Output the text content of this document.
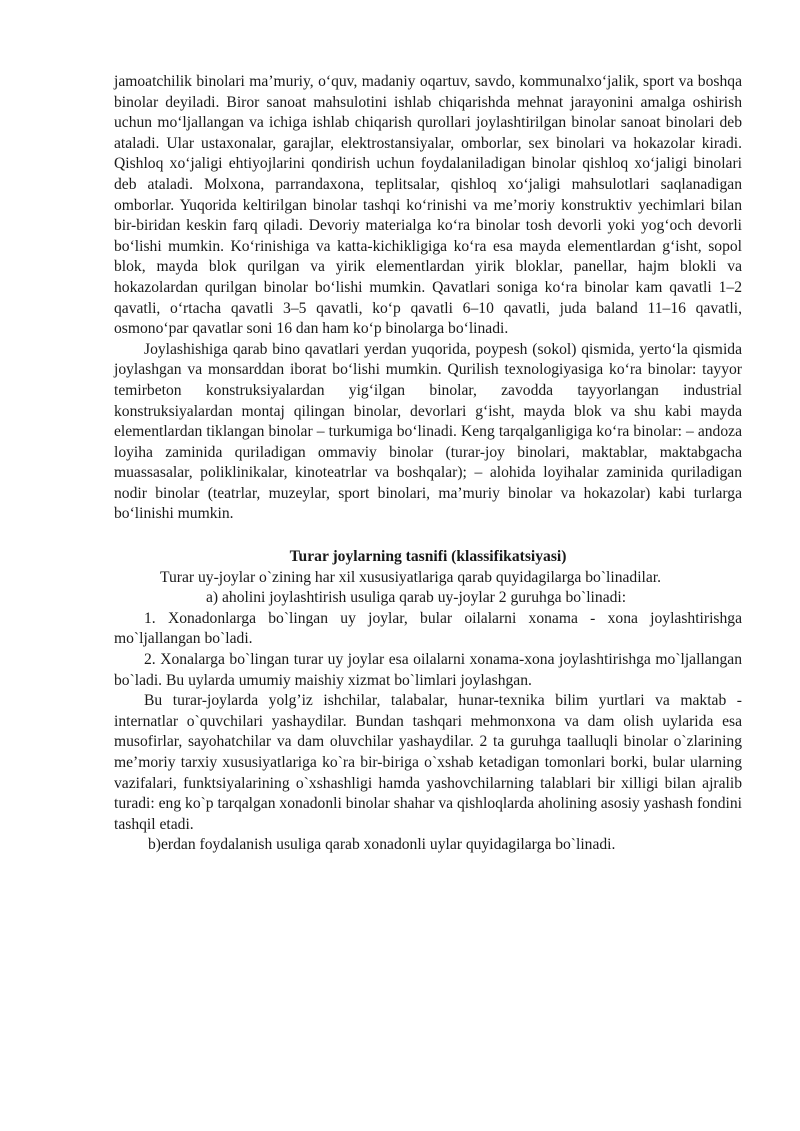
jamoatchilik binolari ma’muriy, o‘quv, madaniy oqartuv, savdo, kommunalxo‘jalik, sport va boshqa binolar deyiladi. Biror sanoat mahsulotini ishlab chiqarishda mehnat jarayonini amalga oshirish uchun mo‘ljallangan va ichiga ishlab chiqarish qurollari joylashtirilgan binolar sanoat binolari deb ataladi. Ular ustaxonalar, garajlar, elektrostansiyalar, omborlar, sex binolari va hokazolar kiradi. Qishloq xo‘jaligi ehtiyojlarini qondirish uchun foydalaniladigan binolar qishloq xo‘jaligi binolari deb ataladi. Molxona, parrandaxona, teplitsalar, qishloq xo‘jaligi mahsulotlari saqlanadigan omborlar. Yuqorida keltirilgan binolar tashqi ko‘rinishi va me’moriy konstruktiv yechimlari bilan bir-biridan keskin farq qiladi. Devoriy materialga ko‘ra binolar tosh devorli yoki yog‘och devorli bo‘lishi mumkin. Ko‘rinishiga va katta-kichikligiga ko‘ra esa mayda elementlardan g‘isht, sopol blok, mayda blok qurilgan va yirik elementlardan yirik bloklar, panellar, hajm blokli va hokazolardan qurilgan binolar bo‘lishi mumkin. Qavatlari soniga ko‘ra binolar kam qavatli 1–2 qavatli, o‘rtacha qavatli 3–5 qavatli, ko‘p qavatli 6–10 qavatli, juda baland 11–16 qavatli, osmono‘par qavatlar soni 16 dan ham ko‘p binolarga bo‘linadi.

Joylashishiga qarab bino qavatlari yerdan yuqorida, poypesh (sokol) qismida, yerto‘la qismida joylashgan va monsarddan iborat bo‘lishi mumkin. Qurilish texnologiyasiga ko‘ra binolar: tayyor temirbeton konstruksiyalardan yig‘ilgan binolar, zavodda tayyorlangan industrial konstruksiyalardan montaj qilingan binolar, devorlari g‘isht, mayda blok va shu kabi mayda elementlardan tiklangan binolar – turkumiga bo‘linadi. Keng tarqalganligiga ko‘ra binolar: – andoza loyiha zaminida quriladigan ommaviy binolar (turar-joy binolari, maktablar, maktabgacha muassasalar, poliklinikalar, kinoteatrlar va boshqalar); – alohida loyihalar zaminida quriladigan nodir binolar (teatrlar, muzeylar, sport binolari, ma’muriy binolar va hokazolar) kabi turlarga bo‘linishi mumkin.

Turar joylarning tasnifi (klassifikatsiyasi)

Turar uy-joylar o`zining har xil xususiyatlariga qarab quyidagilarga bo`linadilar.

a) aholini joylashtirish usuliga qarab uy-joylar 2 guruhga bo`linadi:

1. Xonadonlarga bo`lingan uy joylar, bular oilalarni xonama - xona joylashtirishga mo`ljallangan bo`ladi.

2. Xonalarga bo`lingan turar uy joylar esa oilalarni xonama-xona joylashtirishga mo`ljallangan bo`ladi. Bu uylarda umumiy maishiy xizmat bo`limlari joylashgan.

Bu turar-joylarda yolg’iz ishchilar, talabalar, hunar-texnika bilim yurtlari va maktab - internatlar o`quvchilari yashaydilar. Bundan tashqari mehmonxona va dam olish uylarida esa musofirlar, sayohatchilar va dam oluvchilar yashaydilar. 2 ta guruhga taalluqli binolar o`zlarining me’moriy tarxiy xususiyatlariga ko`ra bir-biriga o`xshab ketadigan tomonlari borki, bular ularning vazifalari, funktsiyalarining o`xshashligi hamda yashovchilarning talablari bir xilligi bilan ajralib turadi: eng ko`p tarqalgan xonadonli binolar shahar va qishloqlarda aholining asosiy yashash fondini tashqil etadi.

b)erdan foydalanish usuliga qarab xonadonli uylar quyidagilarga bo`linadi.
